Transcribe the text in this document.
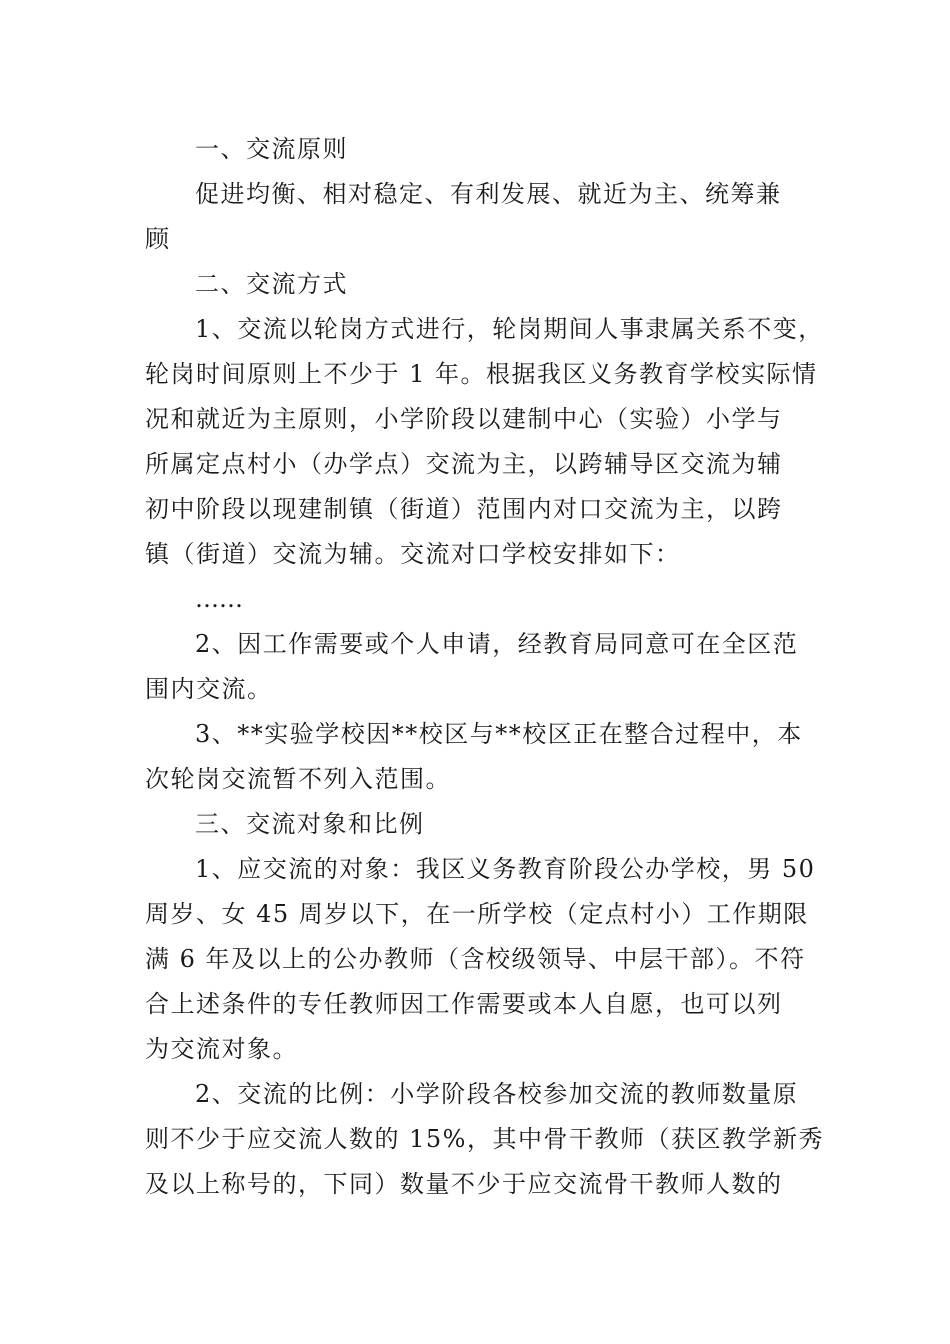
一、交流原则
促进均衡、相对稳定、有利发展、就近为主、统筹兼
顾
二、交流方式
1、交流以轮岗方式进行，轮岗期间人事隶属关系不变，
轮岗时间原则上不少于 1 年。根据我区义务教育学校实际情
况和就近为主原则，小学阶段以建制中心（实验）小学与
所属定点村小（办学点）交流为主，以跨辅导区交流为辅
初中阶段以现建制镇（街道）范围内对口交流为主，以跨
镇（街道）交流为辅。交流对口学校安排如下：
……
2、因工作需要或个人申请，经教育局同意可在全区范
围内交流。
3、**实验学校因**校区与**校区正在整合过程中，本
次轮岗交流暂不列入范围。
三、交流对象和比例
1、应交流的对象：我区义务教育阶段公办学校，男 50
周岁、女 45 周岁以下，在一所学校（定点村小）工作期限
满 6 年及以上的公办教师（含校级领导、中层干部）。不符
合上述条件的专任教师因工作需要或本人自愿，也可以列
为交流对象。
2、交流的比例：小学阶段各校参加交流的教师数量原
则不少于应交流人数的 15%，其中骨干教师（获区教学新秀
及以上称号的，下同）数量不少于应交流骨干教师人数的
